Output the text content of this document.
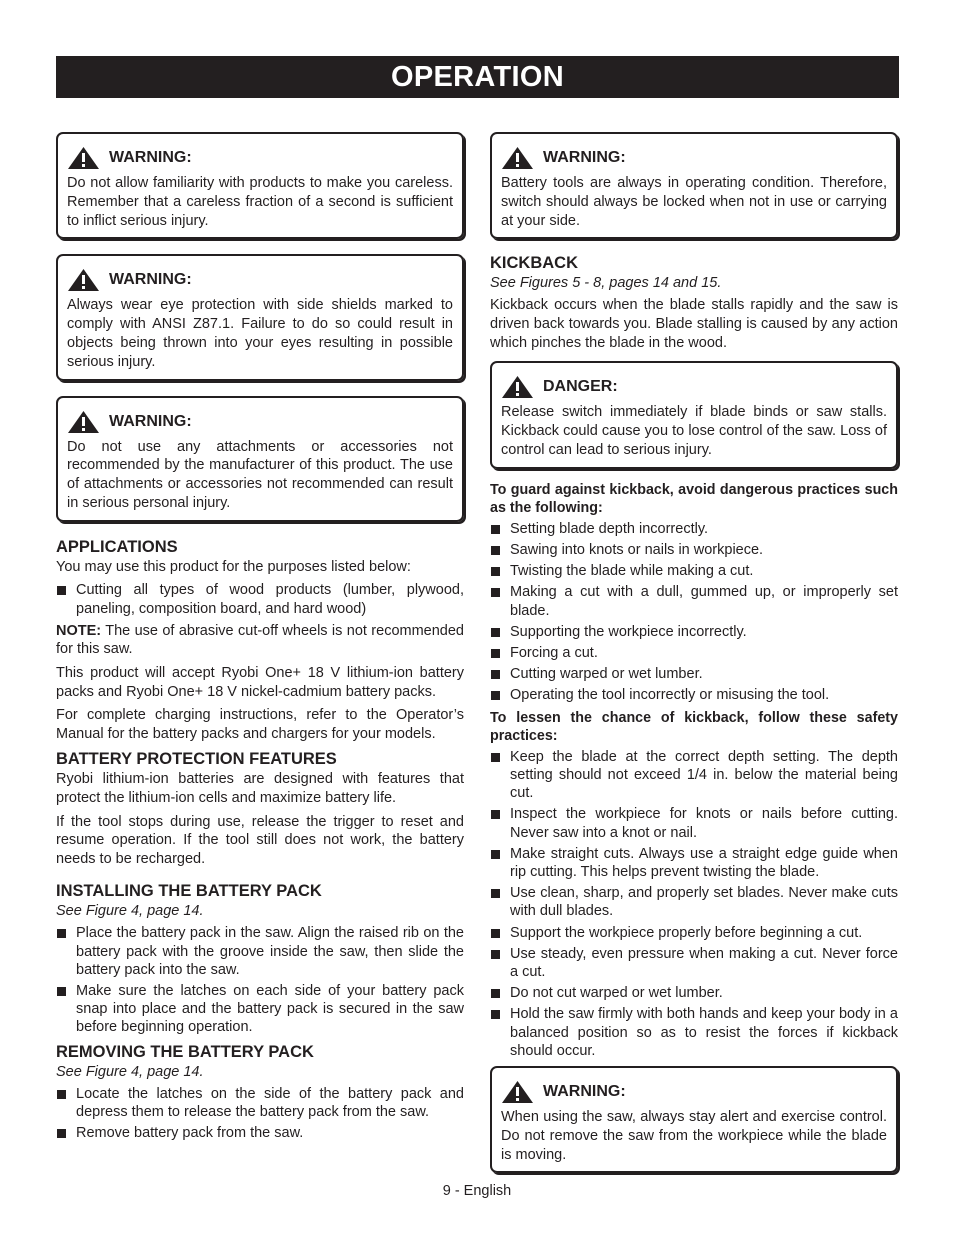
OPERATION
WARNING:

Do not allow familiarity with products to make you careless. Remember that a careless fraction of a second is sufficient to inflict serious injury.

WARNING:

Always wear eye protection with side shields marked to comply with ANSI Z87.1. Failure to do so could result in objects being thrown into your eyes resulting in possible serious injury.

WARNING:

Do not use any attachments or accessories not recommended by the manufacturer of this product. The use of attachments or accessories not recommended can result in serious personal injury.

APPLICATIONS

You may use this product for the purposes listed below:

Cutting all types of wood products (lumber, plywood, paneling, composition board, and hard wood)

NOTE: The use of abrasive cut-off wheels is not recommended for this saw.

This product will accept Ryobi One+ 18 V lithium-ion battery packs and Ryobi One+ 18 V nickel-cadmium battery packs.

For complete charging instructions, refer to the Operator’s Manual for the battery packs and chargers for your models.

BATTERY PROTECTION FEATURES

Ryobi lithium-ion batteries are designed with features that protect the lithium-ion cells and maximize battery life.

If the tool stops during use, release the trigger to reset and resume operation. If the tool still does not work, the battery needs to be recharged.

INSTALLING THE BATTERY PACK

See Figure 4, page 14.

Place the battery pack in the saw. Align the raised rib on the battery pack with the groove inside the saw, then slide the battery pack into the saw.
Make sure the latches on each side of your battery pack snap into place and the battery pack is secured in the saw before beginning operation.
REMOVING THE BATTERY PACK

See Figure 4, page 14.

Locate the latches on the side of the battery pack and depress them to release the battery pack from the saw.
Remove battery pack from the saw.
WARNING:

Battery tools are always in operating condition. Therefore, switch should always be locked when not in use or carrying at your side.

KICKBACK

See Figures 5 - 8, pages 14 and 15.

Kickback occurs when the blade stalls rapidly and the saw is driven back towards you. Blade stalling is caused by any action which pinches the blade in the wood.

DANGER:

Release switch immediately if blade binds or saw stalls. Kickback could cause you to lose control of the saw. Loss of control can lead to serious injury.

To guard against kickback, avoid dangerous practices such as the following:

Setting blade depth incorrectly.
Sawing into knots or nails in workpiece.
Twisting the blade while making a cut.
Making a cut with a dull, gummed up, or improperly set blade.
Supporting the workpiece incorrectly.
Forcing a cut.
Cutting warped or wet lumber.
Operating the tool incorrectly or misusing the tool.

To lessen the chance of kickback, follow these safety practices:

Keep the blade at the correct depth setting. The depth setting should not exceed 1/4 in. below the material being cut.
Inspect the workpiece for knots or nails before cutting. Never saw into a knot or nail.
Make straight cuts. Always use a straight edge guide when rip cutting. This helps prevent twisting the blade.
Use clean, sharp, and properly set blades. Never make cuts with dull blades.
Support the workpiece properly before beginning a cut.
Use steady, even pressure when making a cut. Never force a cut.
Do not cut warped or wet lumber.
Hold the saw firmly with both hands and keep your body in a balanced position so as to resist the forces if kickback should occur.
WARNING:

When using the saw, always stay alert and exercise control. Do not remove the saw from the workpiece while the blade is moving.

9 - English
